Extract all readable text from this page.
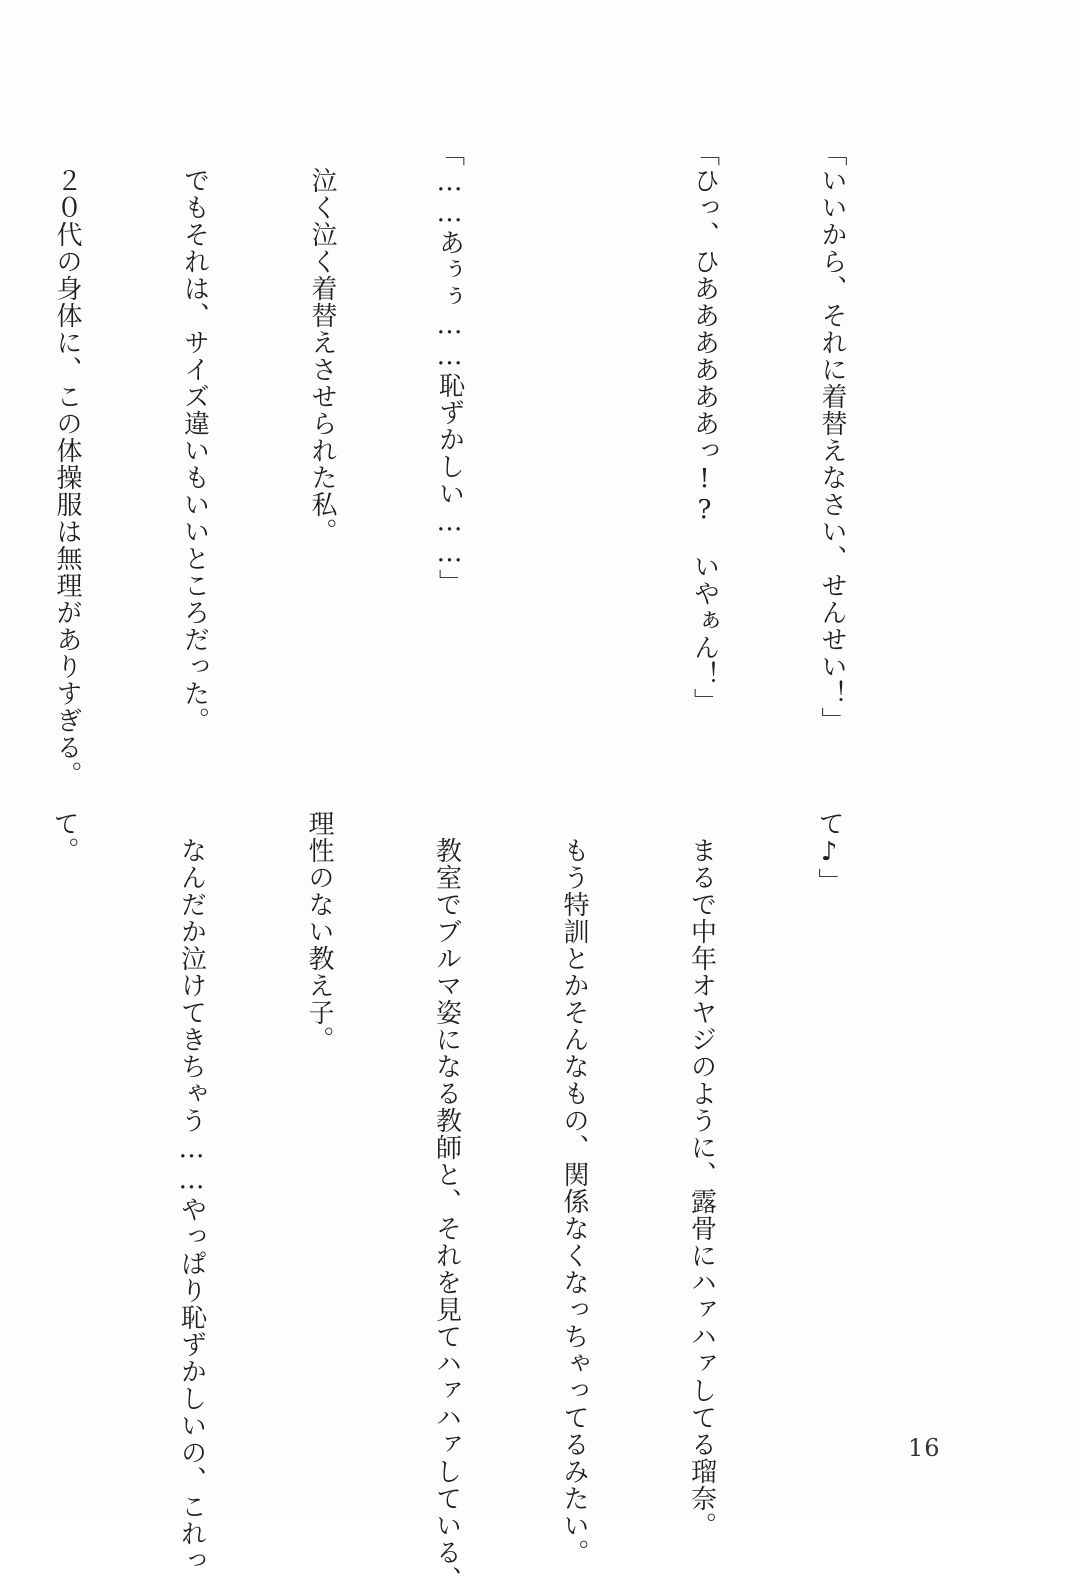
「いいから、それに着替えなさい、せんせい！」

「ひっ、ひああああああっ!?　いやぁん！」

「……あぅぅ……恥ずかしい……」

　泣く泣く着替えさせられた私。

　でもそれは、サイズ違いもいいところだった。

　２０代の身体に、この体操服は無理がありすぎる。

て♪」

　まるで中年オヤジのように、露骨にハァハァしてる瑠奈。

　もう特訓とかそんなもの、関係なくなっちゃってるみたい。

　教室でブルマ姿になる教師と、それを見てハァハァしている、

理性のない教え子。

　なんだか泣けてきちゃう……やっぱり恥ずかしいの、これっ

て。

16
